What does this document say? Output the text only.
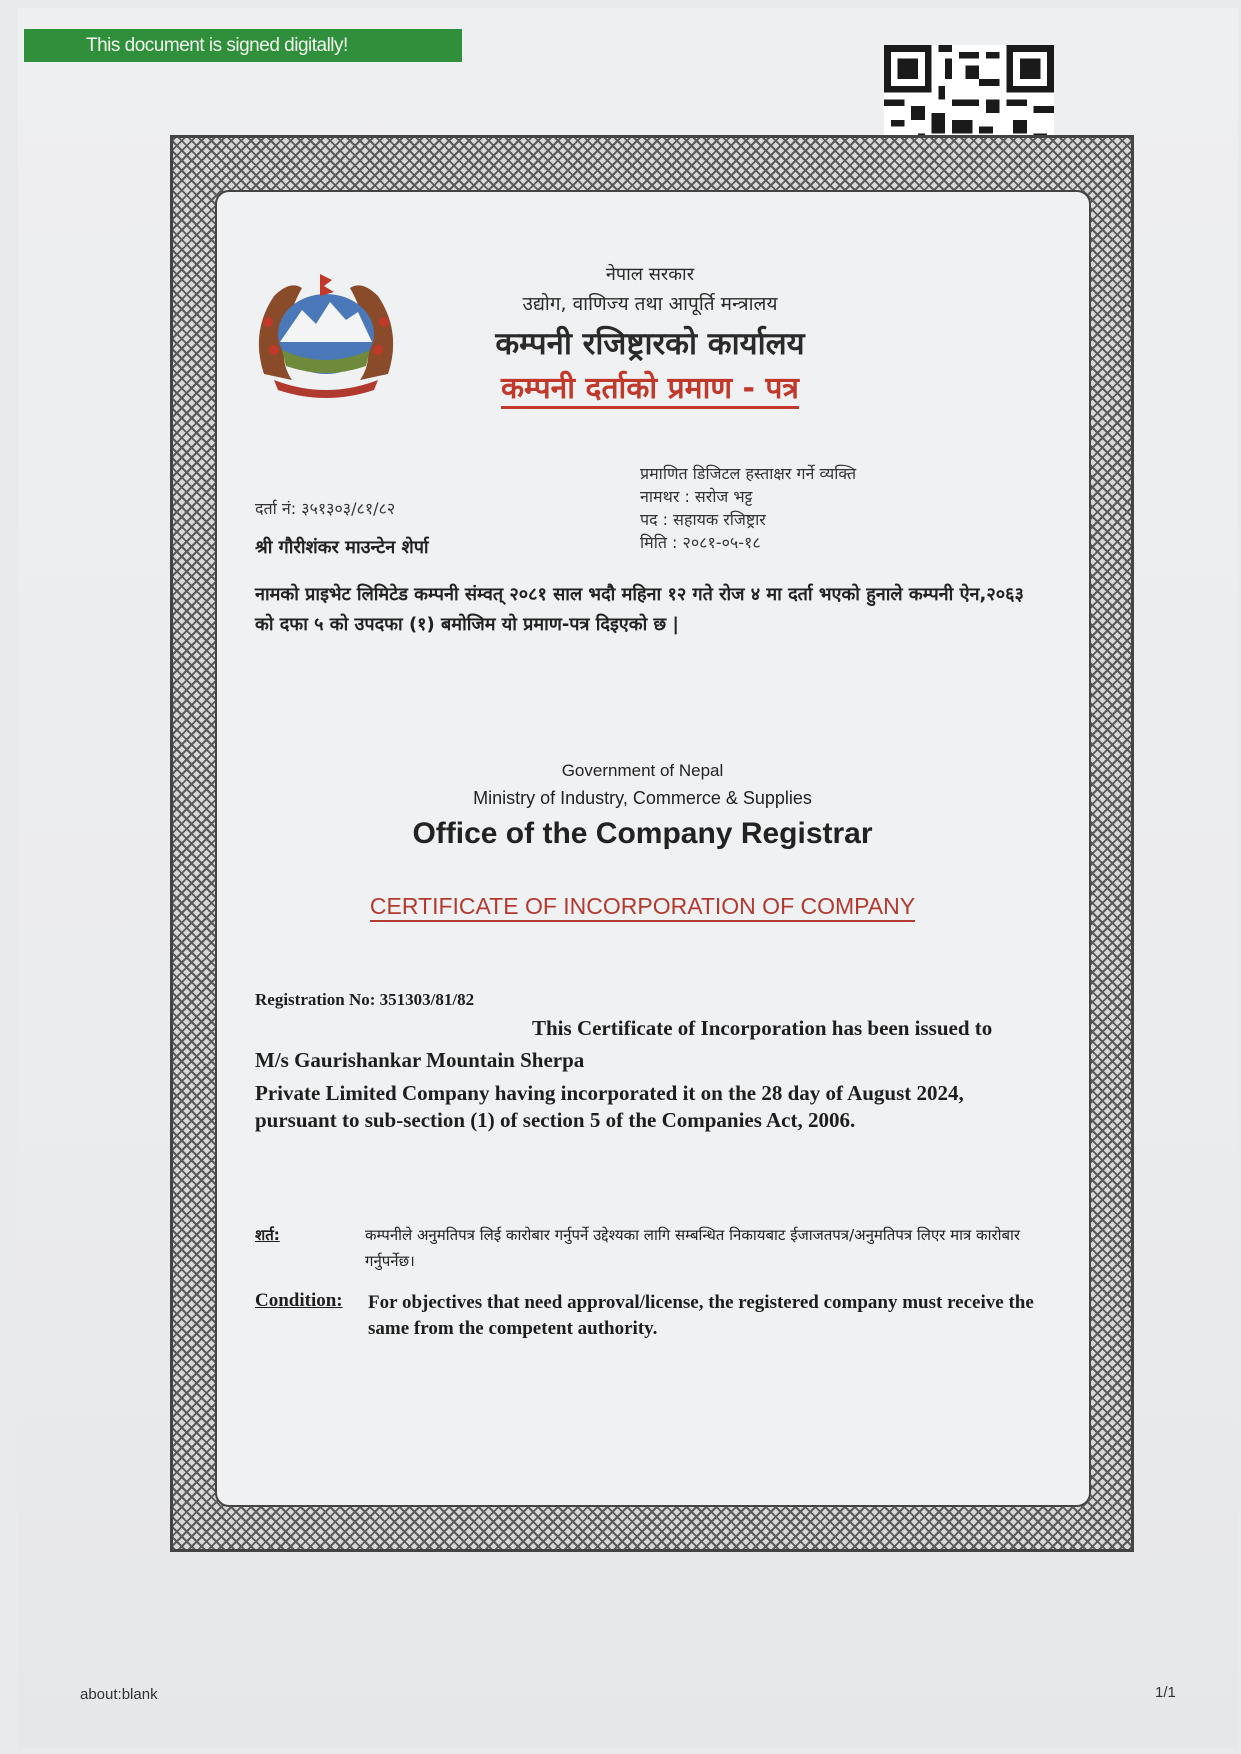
This document is signed digitally!
नेपाल सरकार
उद्योग, वाणिज्य तथा आपूर्ति मन्त्रालय
कम्पनी रजिष्ट्रारको कार्यालय
कम्पनी दर्ताको प्रमाण - पत्र
प्रमाणित डिजिटल हस्ताक्षर गर्ने व्यक्ति
नामथर : सरोज भट्ट
पद : सहायक रजिष्ट्रार
मिति : २०८१-०५-१८
दर्ता नं: ३५१३०३/८१/८२
श्री गौरीशंकर माउन्टेन शेर्पा
नामको प्राइभेट लिमिटेड कम्पनी संम्वत् २०८१ साल भदौ महिना १२ गते रोज ४ मा दर्ता भएको हुनाले कम्पनी ऐन,२०६३ को दफा ५ को उपदफा (१) बमोजिम यो प्रमाण-पत्र दिइएको छ |
Government of Nepal
Ministry of Industry, Commerce & Supplies
Office of the Company Registrar
CERTIFICATE OF INCORPORATION OF COMPANY
Registration No: 351303/81/82
This Certificate of Incorporation has been issued to
M/s Gaurishankar Mountain Sherpa
Private Limited Company having incorporated it on the 28 day of August 2024, pursuant to sub-section (1) of section 5 of the Companies Act, 2006.
शर्त:	कम्पनीले अनुमतिपत्र लिई कारोबार गर्नुपर्ने उद्देश्यका लागि सम्बन्धित निकायबाट ईजाजतपत्र/अनुमतिपत्र लिएर मात्र कारोबार गर्नुपर्नेछ।
Condition: For objectives that need approval/license, the registered company must receive the same from the competent authority.
about:blank	1/1
